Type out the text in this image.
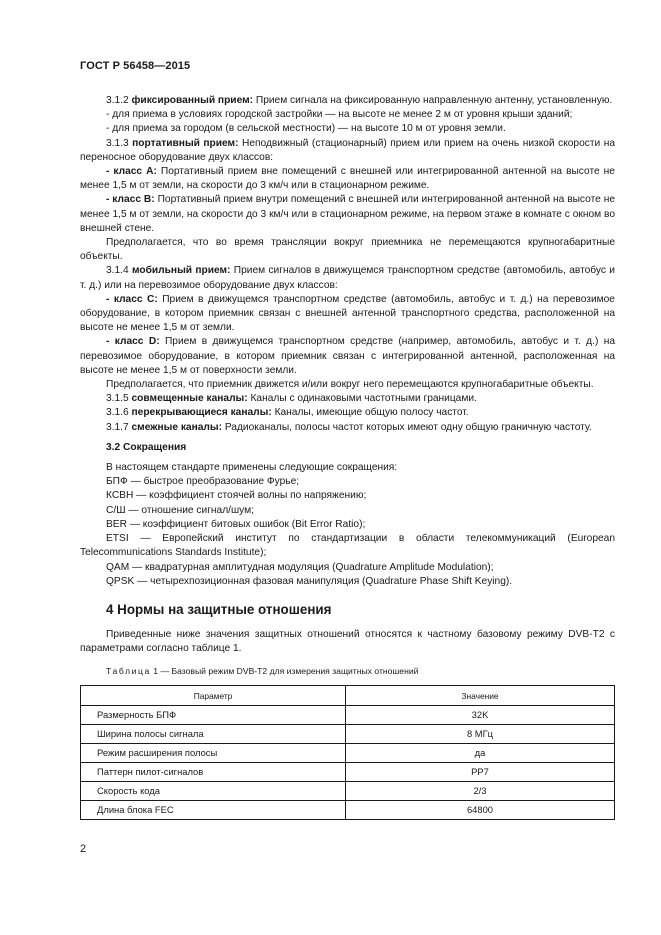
ГОСТ Р 56458—2015

3.1.2 фиксированный прием: Прием сигнала на фиксированную направленную антенну, установленную.

- для приема в условиях городской застройки — на высоте не менее 2 м от уровня крыши зданий;

- для приема за городом (в сельской местности) — на высоте 10 м от уровня земли.

3.1.3 портативный прием: Неподвижный (стационарный) прием или прием на очень низкой скорости на переносное оборудование двух классов:

- класс А: Портативный прием вне помещений с внешней или интегрированной антенной на высоте не менее 1,5 м от земли, на скорости до 3 км/ч или в стационарном режиме.

- класс В: Портативный прием внутри помещений с внешней или интегрированной антенной на высоте не менее 1,5 м от земли, на скорости до 3 км/ч или в стационарном режиме, на первом этаже в комнате с окном во внешней стене.

Предполагается, что во время трансляции вокруг приемника не перемещаются крупногабаритные объекты.

3.1.4 мобильный прием: Прием сигналов в движущемся транспортном средстве (автомобиль, автобус и т. д.) или на перевозимое оборудование двух классов:

- класс С: Прием в движущемся транспортном средстве (автомобиль, автобус и т. д.) на перевозимое оборудование, в котором приемник связан с внешней антенной транспортного средства, расположенной на высоте не менее 1,5 м от земли.

- класс D: Прием в движущемся транспортном средстве (например, автомобиль, автобус и т. д.) на перевозимое оборудование, в котором приемник связан с интегрированной антенной, расположенная на высоте не менее 1,5 м от поверхности земли.

Предполагается, что приемник движется и/или вокруг него перемещаются крупногабаритные объекты.

3.1.5 совмещенные каналы: Каналы с одинаковыми частотными границами.

3.1.6 перекрывающиеся каналы: Каналы, имеющие общую полосу частот.

3.1.7 смежные каналы: Радиоканалы, полосы частот которых имеют одну общую граничную частоту.

3.2 Сокращения

В настоящем стандарте применены следующие сокращения:

БПФ — быстрое преобразование Фурье;

КСВН — коэффициент стоячей волны по напряжению;

С/Ш — отношение сигнал/шум;

BER — коэффициент битовых ошибок (Bit Error Ratio);

ETSI — Европейский институт по стандартизации в области телекоммуникаций (European Telecommunications Standards Institute);

QAM — квадратурная амплитудная модуляция (Quadrature Amplitude Modulation);

QPSK — четырехпозиционная фазовая манипуляция (Quadrature Phase Shift Keying).

4 Нормы на защитные отношения

Приведенные ниже значения защитных отношений относятся к частному базовому режиму DVB-T2 с параметрами согласно таблице 1.

Таблица 1 — Базовый режим DVB-T2 для измерения защитных отношений

Параметр	Значение
Размерность БПФ	32K
Ширина полосы сигнала	8 МГц
Режим расширения полосы	да
Паттерн пилот-сигналов	PP7
Скорость кода	2/3
Длина блока FEC	64800
2
